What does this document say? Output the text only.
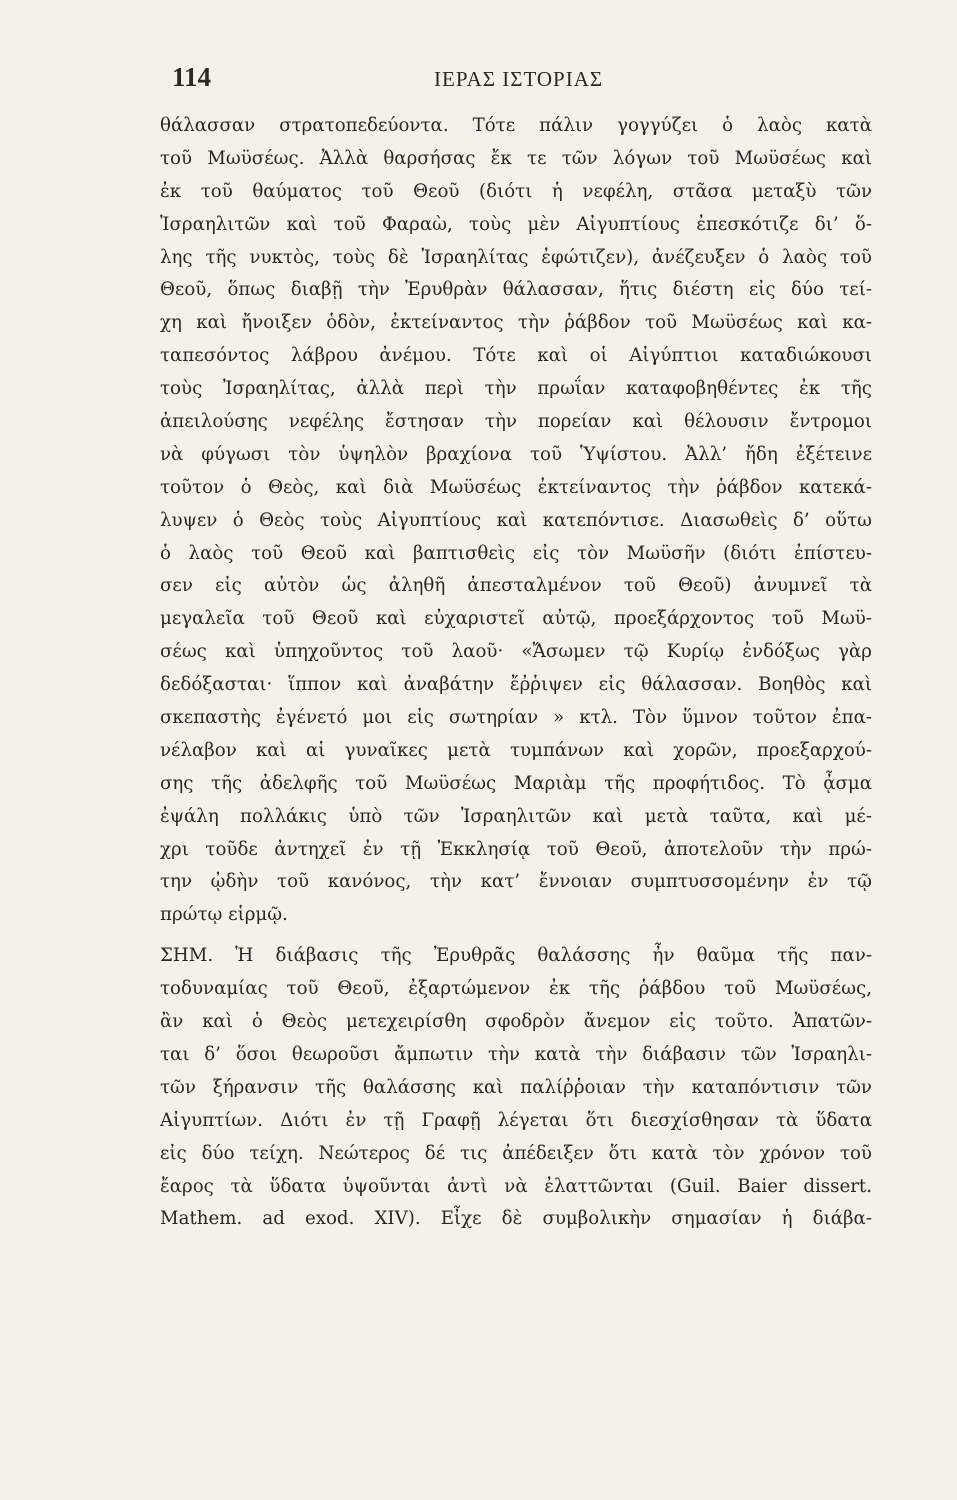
114	ΙΕΡΑΣ ΙΣΤΟΡΙΑΣ
θάλασσαν στρατοπεδεύοντα. Τότε πάλιν γογγύζει ὁ λαὸς κατὰ
τοῦ Μωϋσέως. Ἀλλὰ θαρσήσας ἔκ τε τῶν λόγων τοῦ Μωϋσέως καὶ
ἐκ τοῦ θαύματος τοῦ Θεοῦ (διότι ἡ νεφέλη, στᾶσα μεταξὺ τῶν
Ἰσραηλιτῶν καὶ τοῦ Φαραὼ, τοὺς μὲν Αἰγυπτίους ἐπεσκότιζε δι’ ὅ-
λης τῆς νυκτὸς, τοὺς δὲ Ἰσραηλίτας ἐφώτιζεν), ἀνέζευξεν ὁ λαὸς τοῦ
Θεοῦ, ὅπως διαβῇ τὴν Ἐρυθρὰν θάλασσαν, ἥτις διέστη εἰς δύο τεί-
χη καὶ ἤνοιξεν ὁδὸν, ἐκτείναντος τὴν ῥάβδον τοῦ Μωϋσέως καὶ κα-
ταπεσόντος λάβρου ἀνέμου. Τότε καὶ οἱ Αἰγύπτιοι καταδιώκουσι
τοὺς Ἰσραηλίτας, ἀλλὰ περὶ τὴν πρωΐαν καταφοβηθέντες ἐκ τῆς
ἀπειλούσης νεφέλης ἔστησαν τὴν πορείαν καὶ θέλουσιν ἔντρομοι
νὰ φύγωσι τὸν ὑψηλὸν βραχίονα τοῦ Ὑψίστου. Ἀλλ’ ἤδη ἐξέτεινε
τοῦτον ὁ Θεὸς, καὶ διὰ Μωϋσέως ἐκτείναντος τὴν ῥάβδον κατεκά-
λυψεν ὁ Θεὸς τοὺς Αἰγυπτίους καὶ κατεπόντισε. Διασωθεὶς δ’ οὕτω
ὁ λαὸς τοῦ Θεοῦ καὶ βαπτισθεὶς εἰς τὸν Μωϋσῆν (διότι ἐπίστευ-
σεν εἰς αὐτὸν ὡς ἀληθῆ ἀπεσταλμένον τοῦ Θεοῦ) ἀνυμνεῖ τὰ
μεγαλεῖα τοῦ Θεοῦ καὶ εὐχαριστεῖ αὐτῷ, προεξάρχοντος τοῦ Μωϋ-
σέως καὶ ὑπηχοῦντος τοῦ λαοῦ· «Ἄσωμεν τῷ Κυρίῳ ἐνδόξως γὰρ
δεδόξασται· ἵππον καὶ ἀναβάτην ἔῤῥιψεν εἰς θάλασσαν. Βοηθὸς καὶ
σκεπαστὴς ἐγένετό μοι εἰς σωτηρίαν » κτλ. Τὸν ὕμνον τοῦτον ἐπα-
νέλαβον καὶ αἱ γυναῖκες μετὰ τυμπάνων καὶ χορῶν, προεξαρχού-
σης τῆς ἀδελφῆς τοῦ Μωϋσέως Μαριὰμ τῆς προφήτιδος. Τὸ ᾆσμα
ἐψάλη πολλάκις ὑπὸ τῶν Ἰσραηλιτῶν καὶ μετὰ ταῦτα, καὶ μέ-
χρι τοῦδε ἀντηχεῖ ἐν τῇ Ἐκκλησίᾳ τοῦ Θεοῦ, ἀποτελοῦν τὴν πρώ-
την ᾠδὴν τοῦ κανόνος, τὴν κατ’ ἔννοιαν συμπτυσσομένην ἐν τῷ
πρώτῳ εἱρμῷ.
ΣΗΜ. Ἡ διάβασις τῆς Ἐρυθρᾶς θαλάσσης ἦν θαῦμα τῆς παν-
τοδυναμίας τοῦ Θεοῦ, ἐξαρτώμενον ἐκ τῆς ῥάβδου τοῦ Μωϋσέως,
ἂν καὶ ὁ Θεὸς μετεχειρίσθη σφοδρὸν ἄνεμον εἰς τοῦτο. Ἀπατῶν-
ται δ’ ὅσοι θεωροῦσι ἄμπωτιν τὴν κατὰ τὴν διάβασιν τῶν Ἰσραηλι-
τῶν ξήρανσιν τῆς θαλάσσης καὶ παλίῤῥοιαν τὴν καταπόντισιν τῶν
Αἰγυπτίων. Διότι ἐν τῇ Γραφῇ λέγεται ὅτι διεσχίσθησαν τὰ ὕδατα
εἰς δύο τείχη. Νεώτερος δέ τις ἀπέδειξεν ὅτι κατὰ τὸν χρόνον τοῦ
ἔαρος τὰ ὕδατα ὑψοῦνται ἀντὶ νὰ ἐλαττῶνται (Guil. Baier dissert.
Mathem. ad exod. XIV). Εἶχε δὲ συμβολικὴν σημασίαν ἡ διάβα-
